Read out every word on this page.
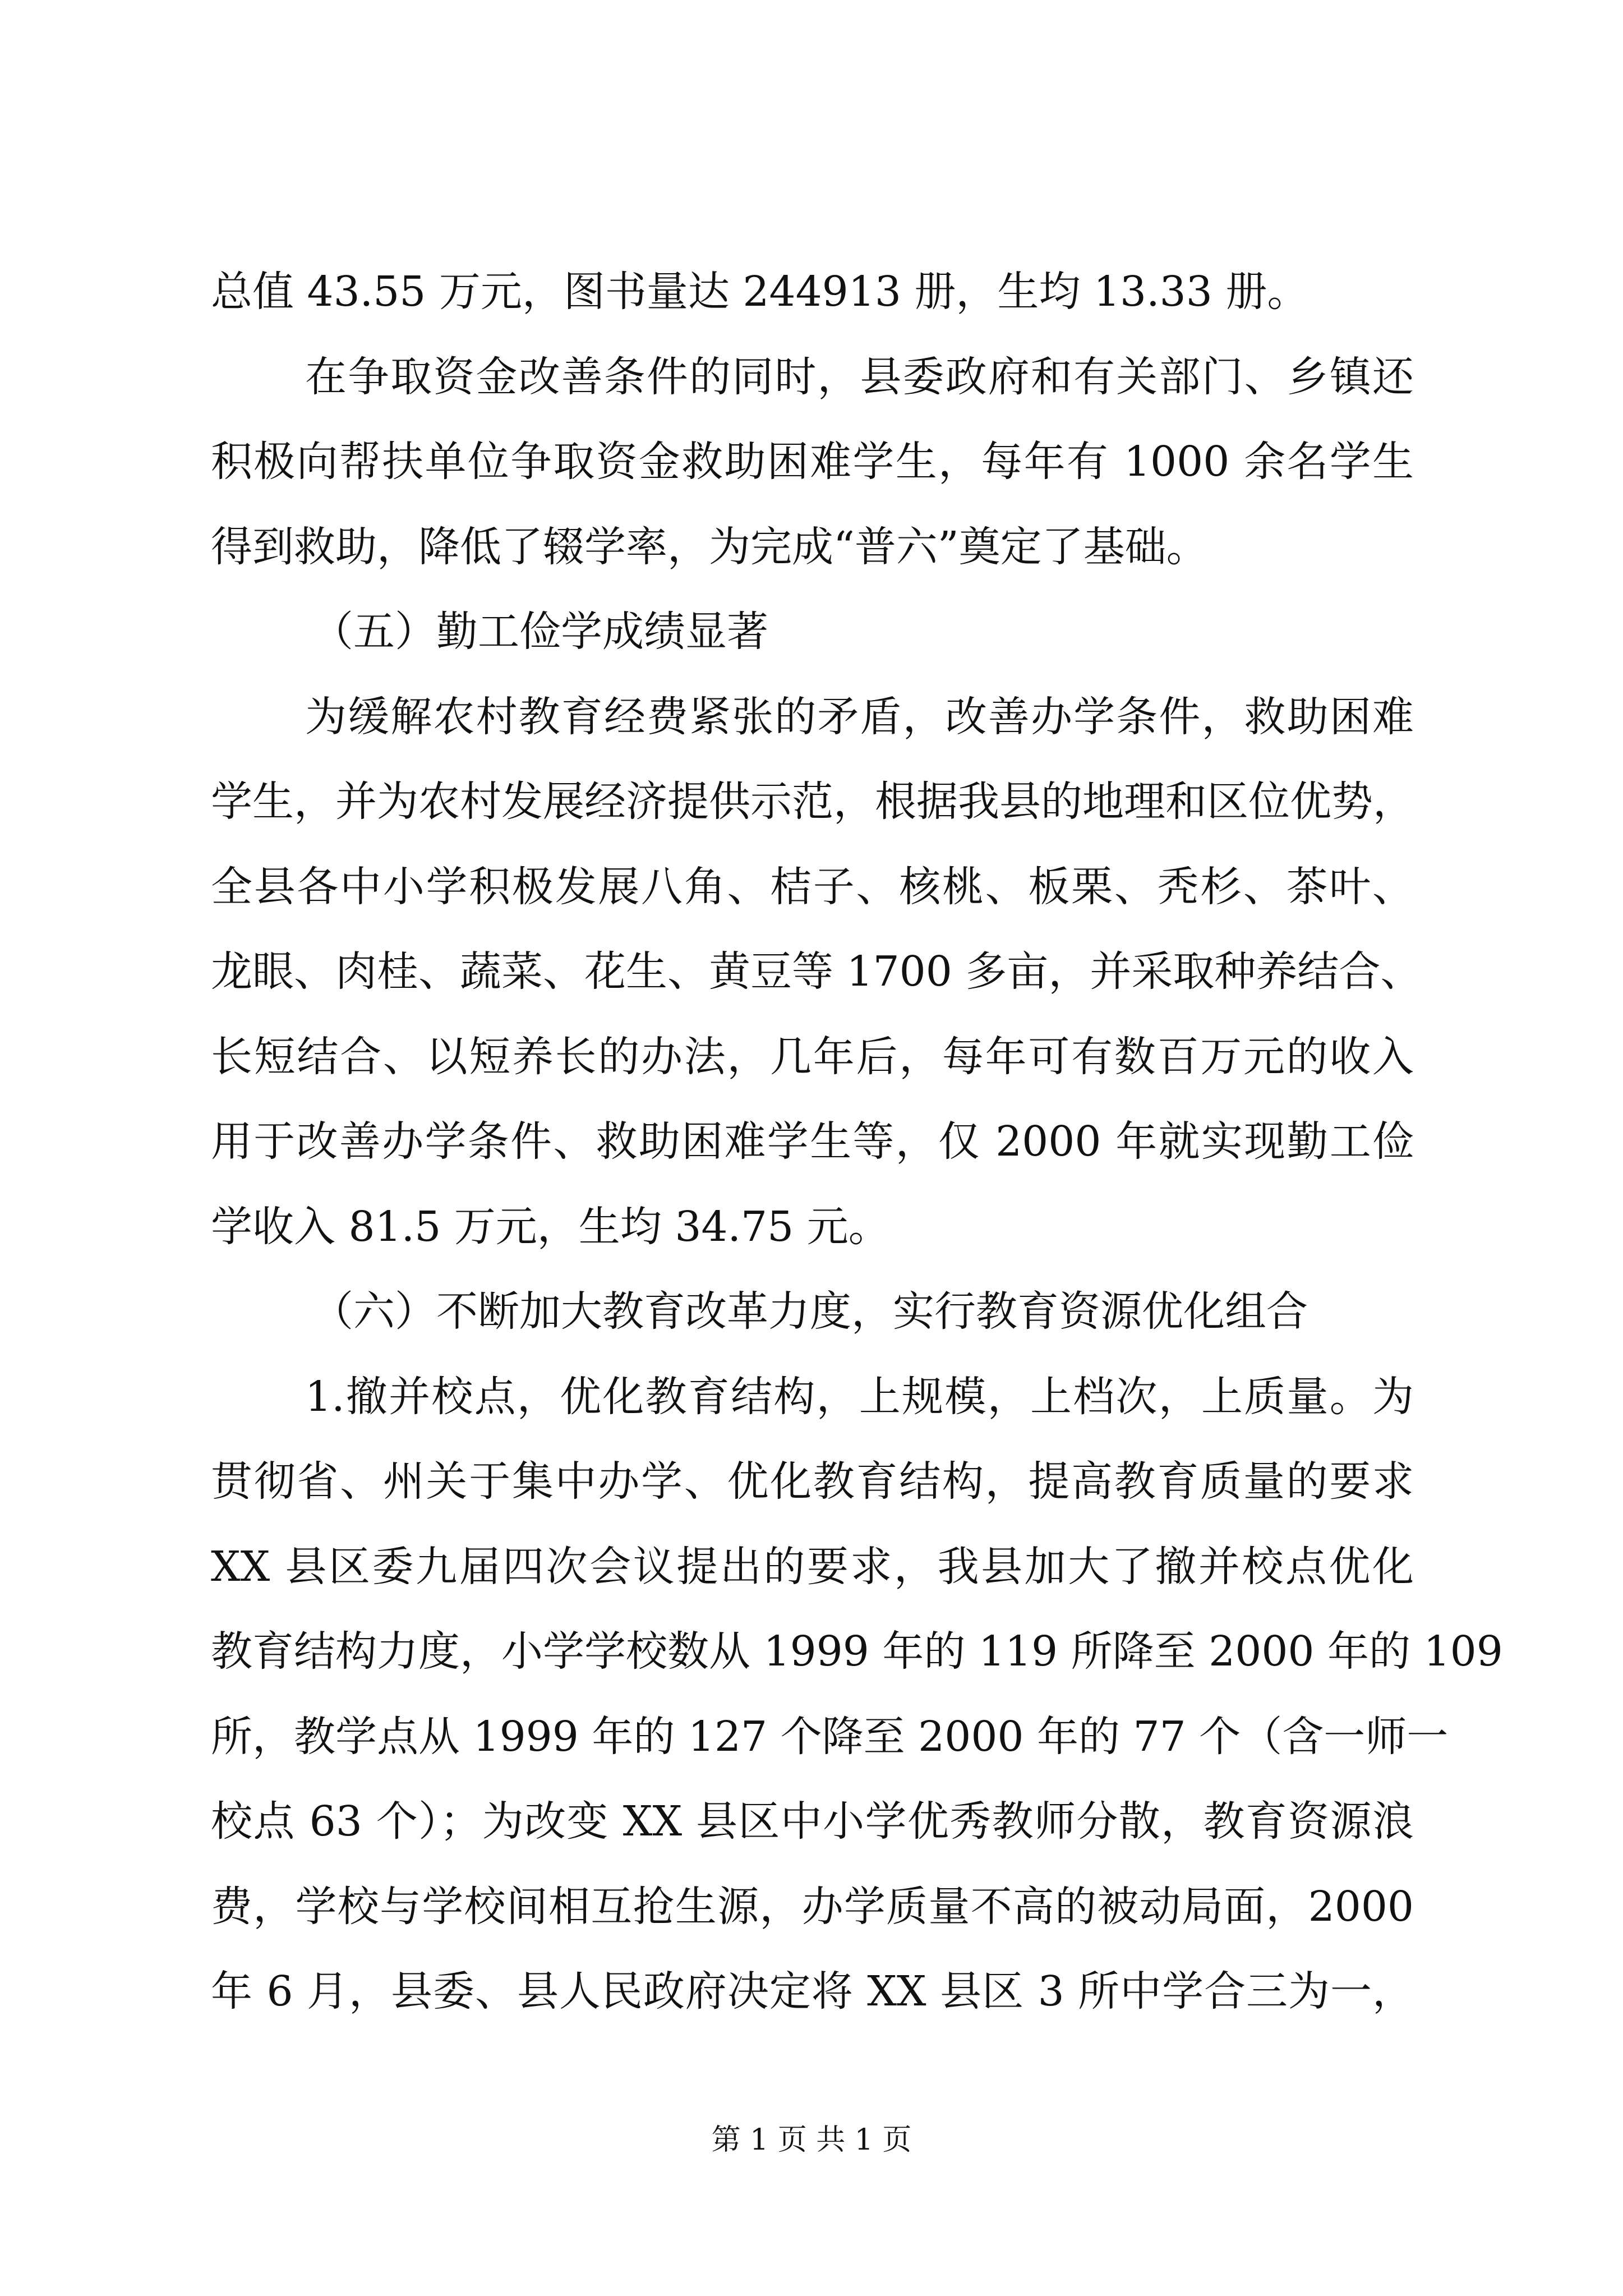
总值 43.55 万元，图书量达 244913 册，生均 13.33 册。
在争取资金改善条件的同时，县委政府和有关部门、乡镇还
积极向帮扶单位争取资金救助困难学生，每年有 1000 余名学生
得到救助，降低了辍学率，为完成“普六”奠定了基础。
（五）勤工俭学成绩显著
为缓解农村教育经费紧张的矛盾，改善办学条件，救助困难
学生，并为农村发展经济提供示范，根据我县的地理和区位优势，
全县各中小学积极发展八角、桔子、核桃、板栗、秃杉、茶叶、
龙眼、肉桂、蔬菜、花生、黄豆等 1700 多亩，并采取种养结合、
长短结合、以短养长的办法，几年后，每年可有数百万元的收入
用于改善办学条件、救助困难学生等，仅 2000 年就实现勤工俭
学收入 81.5 万元，生均 34.75 元。
（六）不断加大教育改革力度，实行教育资源优化组合
1.撤并校点，优化教育结构，上规模，上档次，上质量。为
贯彻省、州关于集中办学、优化教育结构，提高教育质量的要求
XX 县区委九届四次会议提出的要求，我县加大了撤并校点优化
教育结构力度，小学学校数从 1999 年的 119 所降至 2000 年的 109
所，教学点从 1999 年的 127 个降至 2000 年的 77 个（含一师一
校点 63 个）；为改变 XX 县区中小学优秀教师分散，教育资源浪
费，学校与学校间相互抢生源，办学质量不高的被动局面，2000
年 6 月，县委、县人民政府决定将 XX 县区 3 所中学合三为一，
第 1 页 共 1 页
